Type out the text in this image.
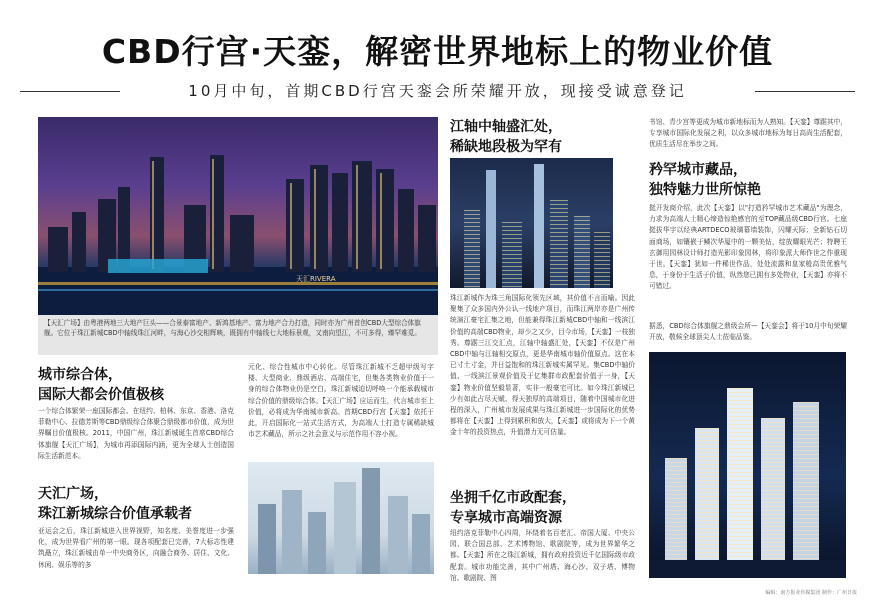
CBD行宫·天銮，解密世界地标上的物业价值
10月中旬，首期CBD行宫天銮会所荣耀开放，现接受诚意登记
天汇RIVERA
【天汇广场】由粤港两地三大地产巨头——合景泰富地产、新鸿基地产、富力地产合力打造，同时亦为广州首创CBD大型综合体旗舰。它位于珠江新城CBD中轴线珠江河畔，与海心沙交相辉映，既拥有中轴线七大地标景观，又南向望江，不可多得，臻罕难觅。
城市综合体，
国际大都会价值极核
一个综合体繁荣一座国际都会。在纽约、柏林、东京、香港、洛克菲勒中心、拉德芳斯等CBD鼎级综合体聚合鼎级都市价值，成为世界瞩目价值极核。2011，中国广州，珠江新城诞生首席CBD综合体旗舰【天汇广场】，为城市再添国际内涵，更为全球人士创造国际生活新范本。
天汇广场，
珠江新城综合价值承载者
亚运会之后，珠江新城进入世界视野，知名度、美誉度进一步强化，成为世界看广州的第一眼。现各项配套已完善，7大标志性建筑矗立，珠江新城由单一中央商务区，向融合商务、居住、文化、休闲、娱乐等的多
元化、综合性城市中心转化。尽管珠江新城不乏超甲级写字楼、大型商业、鼎级酒店、高端住宅，但集各类物业价值于一身的综合体物业仍是空白。珠江新城迫切呼唤一个能承载城市综合价值的鼎级综合体。【天汇广场】应运而生，代言城市至上价值，必将成为华南城市新高。首期CBD行宫【天銮】依托于此，开启国际化一站式生活方式，为高端人士打造专属稀缺城市艺术藏品，所示之社会意义与示范作用不容小视。
江轴中轴盛汇处，
稀缺地段极为罕有
珠江新城作为珠三角国际化领先区域，其价值不言而喻。因此聚集了众多国内外公认一线地产项目，而珠江两岸亦是广州传统演江豪宅汇集之地，但能兼得珠江新城CBD中轴和一线滨江价值的高端CBD物业，却少之又少，目今市场，【天銮】一枝独秀。尊踞三江交汇点，江轴中轴盛汇处，【天銮】不仅是广州CBD中轴与江轴相交原点，更是华南城市轴价值原点。这在本已寸土寸金，并日益饱和的珠江新城实属罕见。集CBD中轴价值、一线滨江景观价值及于亿集群市政配套价值于一身，【天銮】物业价值坚毅显著，实非一般豪宅可比。如今珠江新城已少有如此占尽天赋、得天独厚的高端项目，随着中国城市化进程的深入，广州城市发展成果与珠江新城进一步国际化的优势都将在【天銮】上得到累积和放大，【天銮】或将成为下一个黄金十年的投资热点，升值潜力无可估量。
坐拥千亿市政配套，
专享城市高端资源
纽约洛克菲勒中心四周，环绕着名百老汇、帝国大厦、中央公园、联合国总部、艺术博物馆、歌剧院等，成为世界繁华之都。【天銮】所在之珠江新城，拥有政府投资近千亿国际级市政配套。城市功能完善，其中广州塔、海心沙、双子塔、博物馆、歌剧院、图
书馆、青少宫等更成为城市新地标而为人熟知。【天銮】尊踞其中，专享城市国际化发展之利，以众多城市地标为每日高尚生活配套，优质生活尽在举步之间。
矜罕城市藏品，
独特魅力世所惊艳
挺开发商介绍，此次【天銮】以"打造矜罕城市艺术藏品"为理念，力求为高端人士精心缔造惊艳感官的至TOP藏品级CBD行宫。七座挺拔华宇以经典ARTDECO玻璃幕墙装饰，闪耀天际；全新钻石切面商场，如镶嵌于鳞次华厦中的一颗美钻，绽放耀眼光芒；特聘王玄御用园林设计师打造光影印象园林，将印象派大师作世之作重现于世。【天銮】犹如一件稀世作品，处处流露和皇家般高贵优雅气息，于身份于生活于价值，纵然您已拥有多处物业，【天銮】亦将不可错过。
据悉，CBD综合体旗舰之鼎级会所—【天銮会】将于10月中旬荣耀开放，敬候全球顶尖人士莅临品鉴。
编辑：南方报业传媒集团 制作：广州日报
